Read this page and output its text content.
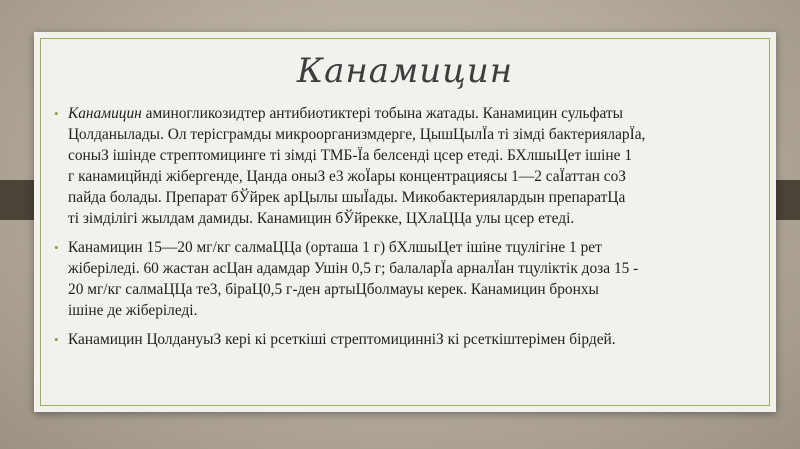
Канамицин
• Канамицин аминогликозидтер антибиотиктері тобына жатады. Канамицин сульфаты
Цолданылады. Ол терісграмды микроорганизмдерге, ЦышЦылЇа ті зімді бактерияларЇа,
соныЗ ішінде стрептомицинге ті зімді ТМБ-Їа белсенді цсер етеді. БХлшыЦет ішіне 1
г канамицйнді жібергенде, Цанда оныЗ е3 жоЇары концентрациясы 1—2 саЇаттан соЗ
пайда болады. Препарат бЎйрек арЦылы шыЇады. Микобактериялардын препаратЦа
ті зімділігі жылдам дамиды. Канамицин бЎйрекке, ЦХлаЦЦа улы цсер етеді.
• Канамицин 15—20 мг/кг салмаЦЦа (орташа 1 г) бХлшыЦет ішіне тцулігіне 1 рет
жіберіледі. 60 жастан асЦан адамдар Ушін 0,5 г; балаларЇа арналЇан тцуліктік доза 15 -
20 мг/кг салмаЦЦа те3, біраЦ0,5 г-ден артыЦболмауы керек. Канамицин бронхы
ішіне де жіберіледі.
• Канамицин ЦолдануыЗ кері кі рсеткіші стрептомицинніЗ кі рсеткіштерімен бірдей.
